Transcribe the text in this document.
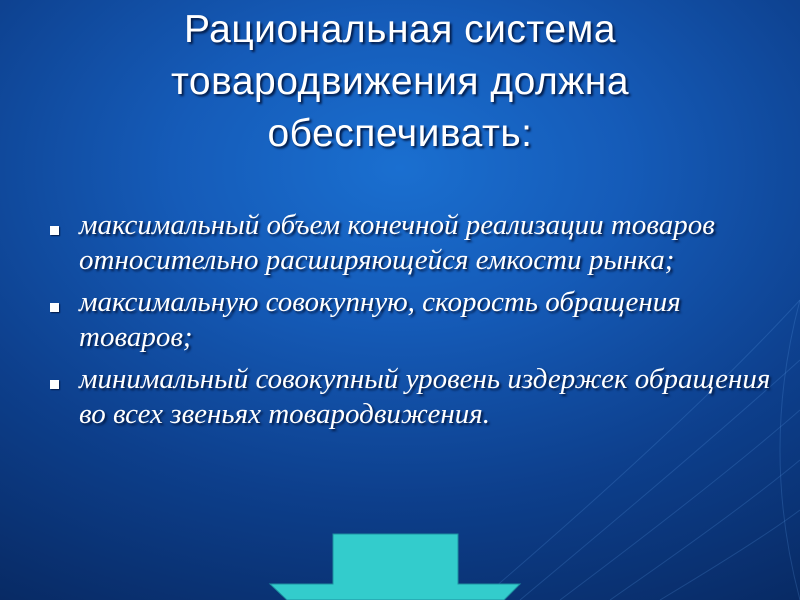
Рациональная система товародвижения должна обеспечивать:
максимальный объем конечной реализации товаров относительно расширяющейся емкости рынка;
максимальную совокупную, скорость обращения товаров;
минимальный совокупный уровень издержек обращения во всех звеньях товародвижения.
